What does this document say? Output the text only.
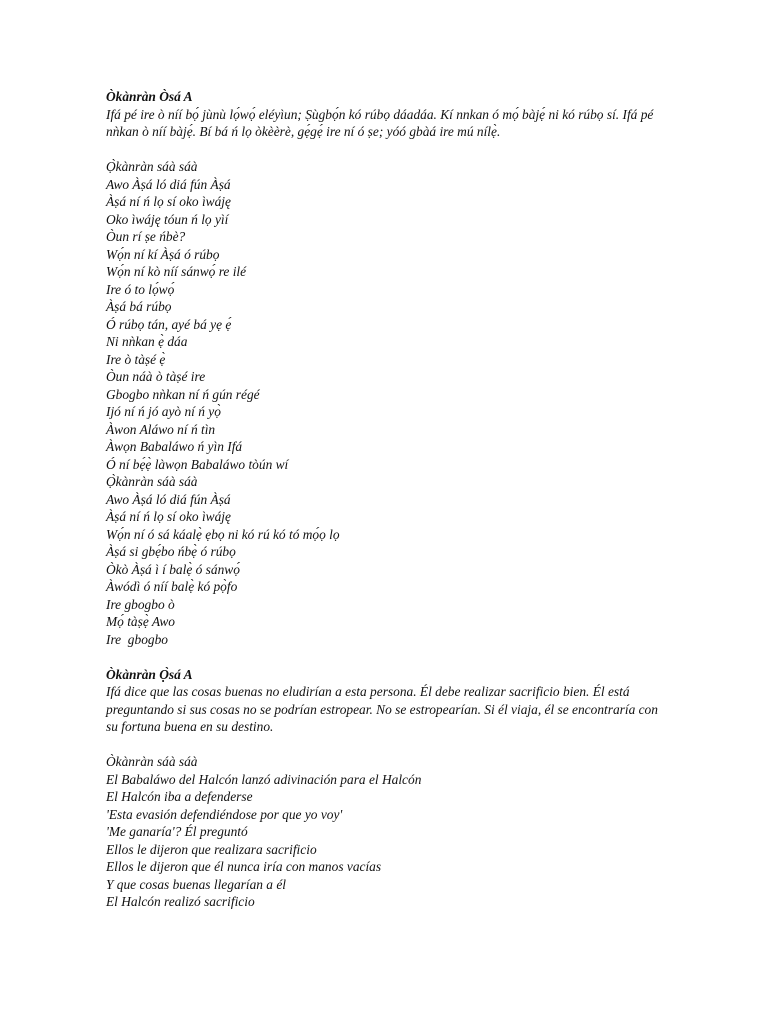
Òkànràn Òsá A

Ifá pé ire ò níí bọ́ jùnù lọ́wọ́ eléyìun; Ṣùgbọ́n kó rúbọ dáadáa. Kí nnkan ó mọ́ bàjẹ́ ni kó rúbọ sí. Ifá pé nǹkan ò níí bàjẹ́. Bí bá ń lọ òkèèrè, gẹ́gẹ́ ire ní ó ṣe; yóó gbàá ire mú nílẹ̀.

Ọ̀kànràn sáà sáà

Awo Àṣá ló diá fún Àṣá

Àṣá ní ń lọ sí oko ìwáję

Oko ìwáję tóun ń lọ yìí

Òun rí ṣe ńbè?

Wọ́n ní kí Àṣá ó rúbọ

Wọ́n ní kò níí sánwọ́ re ilé

Ire ó to lọ́wọ́

Àṣá bá rúbọ

Ó rúbọ tán, ayé bá yẹ ẹ́

Ni nǹkan ẹ̀ dáa

Ire ò tàṣé ẹ̀

Òun náà ò tàṣé ire

Gbogbo nǹkan ní ń gún régé

Ijó ní ń jó ayò ní ń yọ̀

Àwon Aláwo ní ń tìn

Àwọn Babaláwo ń yìn Ifá

Ó ní bẹ́ẹ̀ làwọn Babaláwo tòún wí

Ọ̀kànràn sáà sáà

Awo Àṣá ló diá fún Àṣá

Àṣá ní ń lọ sí oko ìwáję

Wọ́n ní ó sá káalẹ̀ ẹbọ ni kó rú kó tó mọ́ọ lọ

Àṣá si gbẹ́bo ńbẹ̀ ó rúbọ

Òkò Àṣá ì í balẹ̀ ó sánwọ́

Àwódì ó níí balẹ̀ kó pọ̀fo

Ire gbogbo ò

Mọ́ tàṣẹ̀ Awo

Ire  gbogbo

Òkànràn Ọ̀sá A

Ifá dice que las cosas buenas no eludirían a esta persona. Él debe realizar sacrificio bien. Él está preguntando si sus cosas no se podrían estropear. No se estropearían. Si él viaja, él se encontraría con su fortuna buena en su destino.

Òkànràn sáà sáà

El Babaláwo del Halcón lanzó adivinación para el Halcón

El Halcón iba a defenderse

'Esta evasión defendiéndose por que yo voy'

'Me ganaría'? Él preguntó

Ellos le dijeron que realizara sacrificio

Ellos le dijeron que él nunca iría con manos vacías

Y que cosas buenas llegarían a él

El Halcón realizó sacrificio
